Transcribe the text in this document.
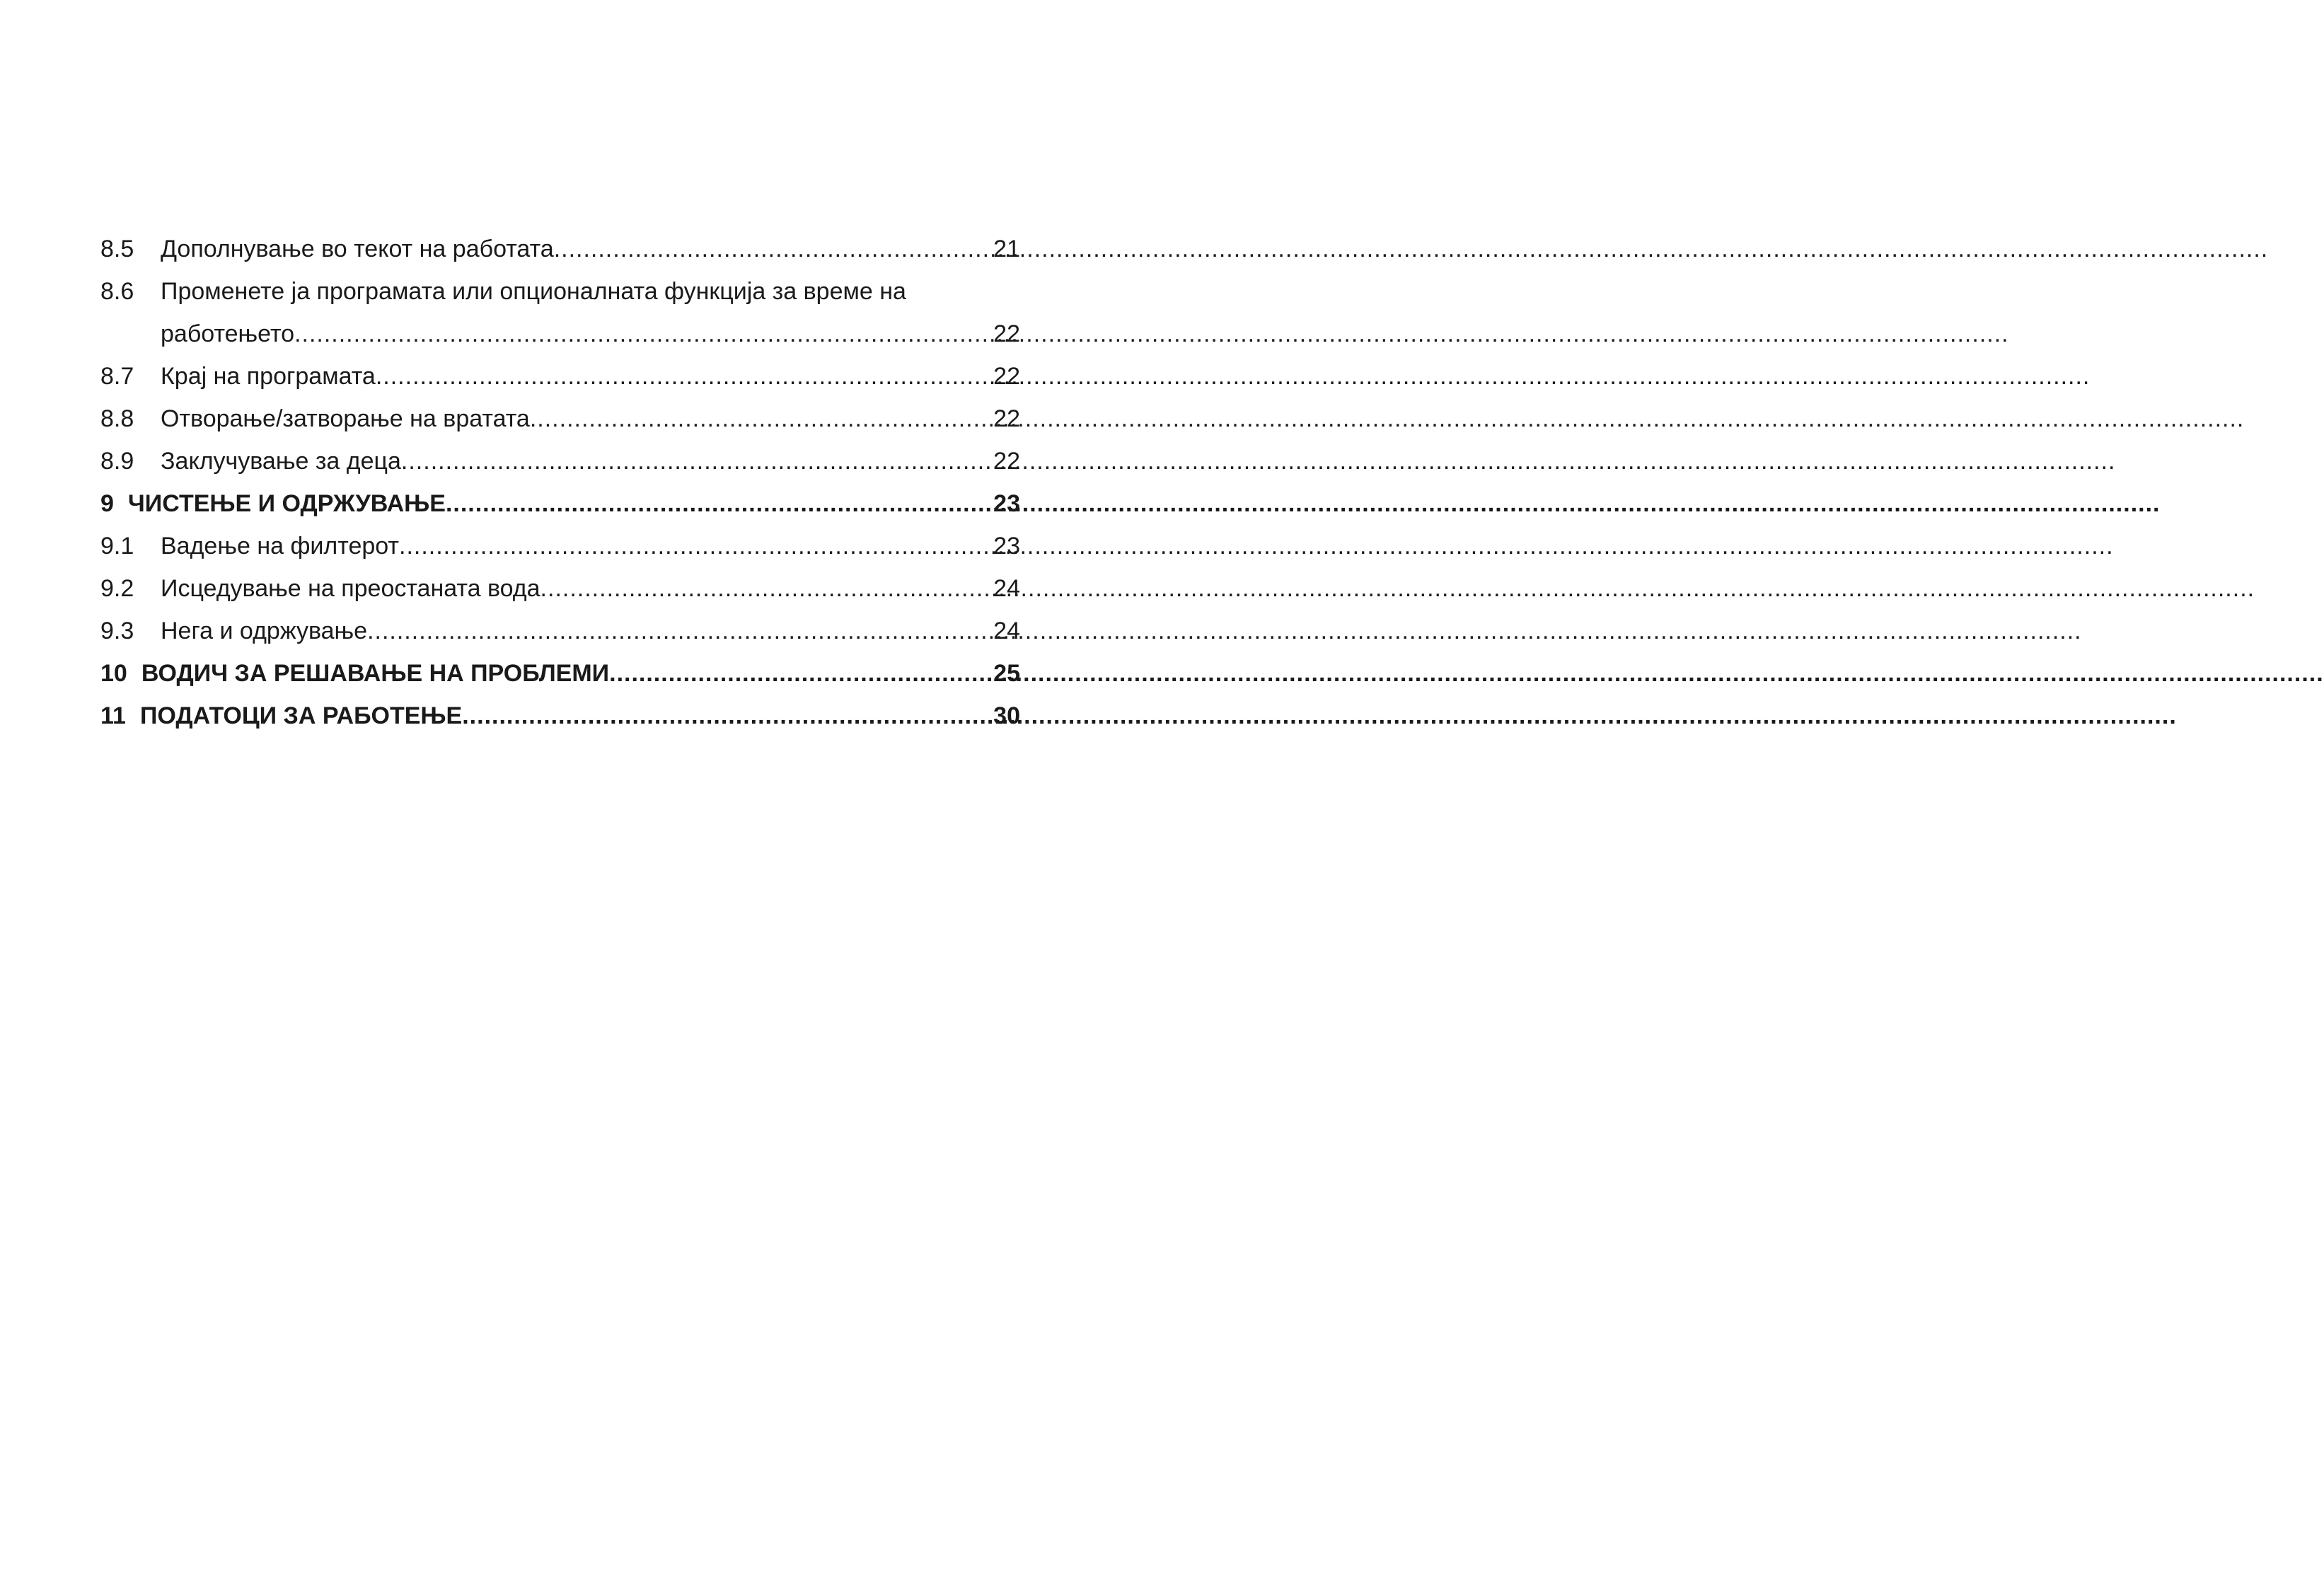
8.5	Дополнување во текот на работата .....	21
8.6	Променете ја програмата или опционалната функција за време на
работењето .....	22
8.7	Крај на програмата .....	22
8.8	Отворање/затворање на вратата .....	22
8.9	Заклучување за деца .....	22
9 ЧИСТЕЊЕ И ОДРЖУВАЊЕ .....	23
9.1	Вадење на филтерот .....	23
9.2	Исцедување на преостаната вода .....	24
9.3	Нега и одржување .....	24
10 ВОДИЧ ЗА РЕШАВАЊЕ НА ПРОБЛЕМИ .....	25
11 ПОДАТОЦИ ЗА РАБОТЕЊЕ .....	30
